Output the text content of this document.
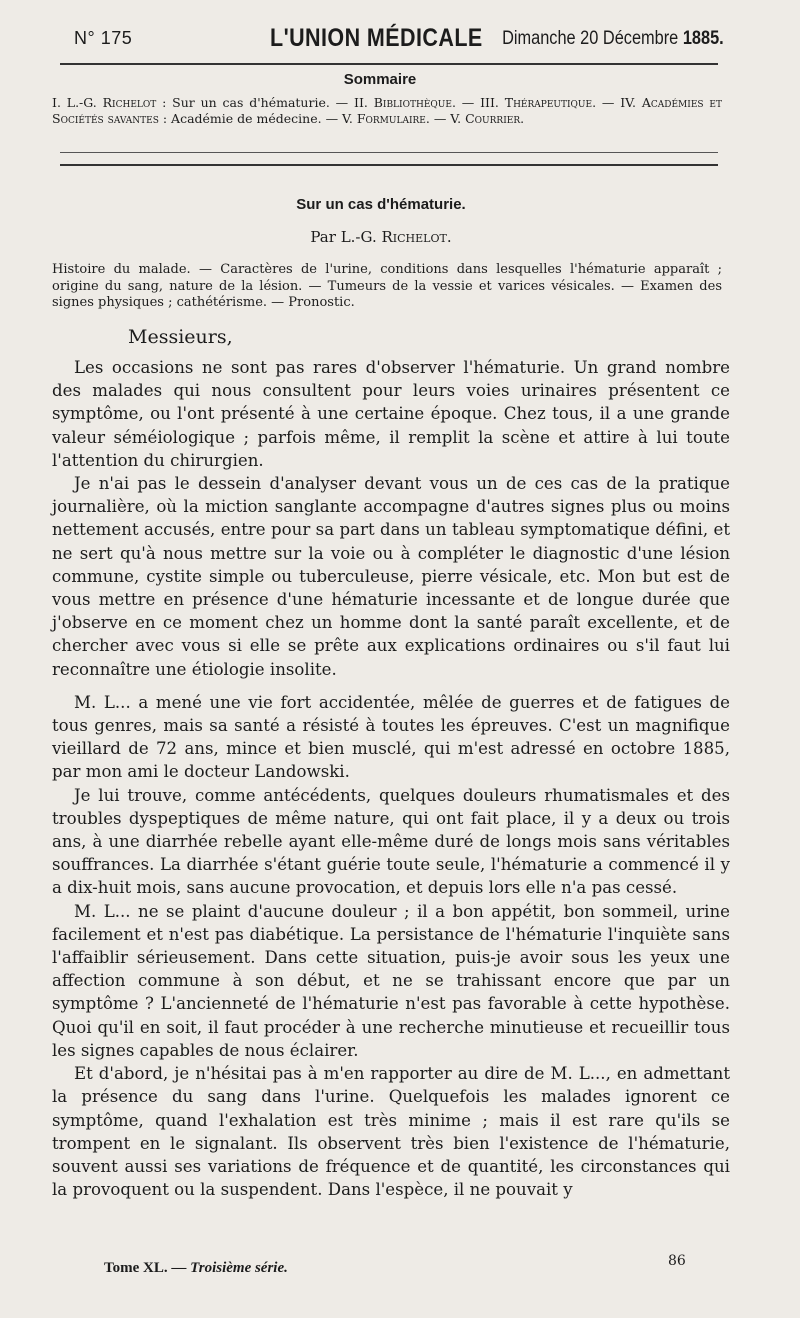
N° 175	L'UNION MÉDICALE Dimanche 20 Décembre 1885.
Sommaire
I. L.-G. Richelot : Sur un cas d'hématurie. — II. Bibliothèque. — III. Thérapeutique. — IV. Académies et Sociétés savantes : Académie de médecine. — V. Formulaire. — V. Courrier.
Sur un cas d'hématurie.
Par L.-G. Richelot.
Histoire du malade. — Caractères de l'urine, conditions dans lesquelles l'hématurie apparaît ; origine du sang, nature de la lésion. — Tumeurs de la vessie et varices vésicales. — Examen des signes physiques ; cathétérisme. — Pronostic.
Messieurs,

Les occasions ne sont pas rares d'observer l'hématurie. Un grand nombre des malades qui nous consultent pour leurs voies urinaires présentent ce symptôme, ou l'ont présenté à une certaine époque. Chez tous, il a une grande valeur séméiologique ; parfois même, il remplit la scène et attire à lui toute l'attention du chirurgien.

Je n'ai pas le dessein d'analyser devant vous un de ces cas de la pratique journalière, où la miction sanglante accompagne d'autres signes plus ou moins nettement accusés, entre pour sa part dans un tableau symptomatique défini, et ne sert qu'à nous mettre sur la voie ou à compléter le diagnostic d'une lésion commune, cystite simple ou tuberculeuse, pierre vésicale, etc. Mon but est de vous mettre en présence d'une hématurie incessante et de longue durée que j'observe en ce moment chez un homme dont la santé paraît excellente, et de chercher avec vous si elle se prête aux explications ordinaires ou s'il faut lui reconnaître une étiologie insolite.

M. L... a mené une vie fort accidentée, mêlée de guerres et de fatigues de tous genres, mais sa santé a résisté à toutes les épreuves. C'est un magnifique vieillard de 72 ans, mince et bien musclé, qui m'est adressé en octobre 1885, par mon ami le docteur Landowski.

Je lui trouve, comme antécédents, quelques douleurs rhumatismales et des troubles dyspeptiques de même nature, qui ont fait place, il y a deux ou trois ans, à une diarrhée rebelle ayant elle-même duré de longs mois sans véritables souffrances. La diarrhée s'étant guérie toute seule, l'hématurie a commencé il y a dix-huit mois, sans aucune provocation, et depuis lors elle n'a pas cessé.

M. L... ne se plaint d'aucune douleur ; il a bon appétit, bon sommeil, urine facilement et n'est pas diabétique. La persistance de l'hématurie l'inquiète sans l'affaiblir sérieusement. Dans cette situation, puis-je avoir sous les yeux une affection commune à son début, et ne se trahissant encore que par un symptôme ? L'ancienneté de l'hématurie n'est pas favorable à cette hypothèse. Quoi qu'il en soit, il faut procéder à une recherche minutieuse et recueillir tous les signes capables de nous éclairer.

Et d'abord, je n'hésitai pas à m'en rapporter au dire de M. L..., en admettant la présence du sang dans l'urine. Quelquefois les malades ignorent ce symptôme, quand l'exhalation est très minime ; mais il est rare qu'ils se trompent en le signalant. Ils observent très bien l'existence de l'hématurie, souvent aussi ses variations de fréquence et de quantité, les circonstances qui la provoquent ou la suspendent. Dans l'espèce, il ne pouvait y

Tome XL. — Troisième série.	86
